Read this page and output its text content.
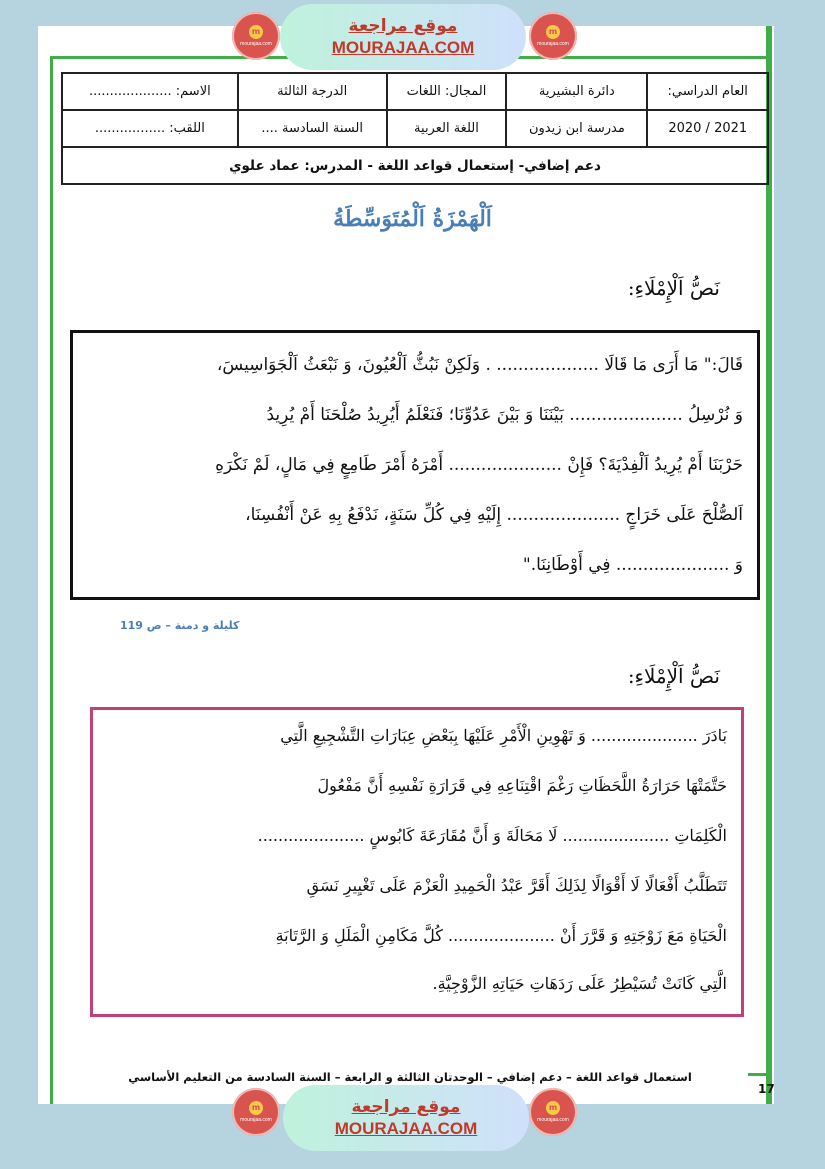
m
mourajaa.com
موقع مراجعة
MOURAJAA.COM
m
mourajaa.com
العام الدراسي:	دائرة البشيرية	المجال: اللغات	الدرجة الثالثة	الاسم: ....................
2021 / 2020	مدرسة ابن زيدون	اللغة العربية	السنة السادسة ....	اللقب: .................
دعم إضافي- إستعمال قواعد اللغة - المدرس: عماد علوي				
اَلْهَمْزَةُ اَلْمُتَوَسِّطَةُ
نَصُّ اَلْإِمْلَاءِ:
قَالَ:" مَا أَرَى مَا قَالَا ................... . وَلَكِنْ نَبُثُّ اَلْعُيُونَ، وَ نَبْعَثُ اَلْجَوَاسِيسَ،
وَ نُرْسِلُ ..................... بَيْنَنَا وَ بَيْنَ عَدُوِّنَا؛ فَنَعْلَمُ أَيُرِيدُ صُلْحَنَا أَمْ يُرِيدُ
حَرْبَنَا أَمْ يُرِيدُ اَلْفِدْيَةَ؟ فَإِنْ ..................... أَمْرَهُ أَمْرَ طَامِعٍ فِي مَالٍ، لَمْ نَكْرَهِ
اَلصُّلْحَ عَلَى خَرَاجٍ ..................... إِلَيْهِ فِي كُلِّ سَنَةٍ، نَدْفَعُ بِهِ عَنْ أَنْفُسِنَا،
وَ ..................... فِي أَوْطَانِنَا."
كليلة و دمنة – ص 119
نَصُّ اَلْإِمْلَاءِ:
بَادَرَ ..................... وَ تَهْوِينِ الْأَمْرِ عَلَيْهَا بِبَعْضِ عِبَارَاتِ التَّشْجِيعِ الَّتِي
حَتَّمَتْهَا حَرَارَةُ اللَّحَظَاتِ رَغْمَ اقْتِنَاعِهِ فِي قَرَارَةِ نَفْسِهِ أَنَّ مَفْعُولَ
الْكَلِمَاتِ ..................... لَا مَحَالَةَ وَ أَنَّ مُقَارَعَةَ كَابُوسٍ .....................
تَتَطَلَّبُ أَفْعَالًا لَا أَقْوَالًا لِذَلِكَ أَقَرَّ عَبْدُ الْحَمِيدِ الْعَزْمَ عَلَى تَغْيِيرِ نَسَقِ
الْحَيَاةِ مَعَ زَوْجَتِهِ وَ قَرَّرَ أَنْ ..................... كُلَّ مَكَامِنِ الْمَلَلِ وَ الرَّتَابَةِ
الَّتِي كَانَتْ تُسَيْطِرُ عَلَى رَدَهَاتِ حَيَاتِهِ الزَّوْجِيَّةِ.
استعمال قواعد اللغة – دعم إضافي – الوحدتان الثالثة و الرابعة – السنة السادسة من التعليم الأساسي
17
m
mourajaa.com
موقع مراجعة
MOURAJAA.COM
m
mourajaa.com
